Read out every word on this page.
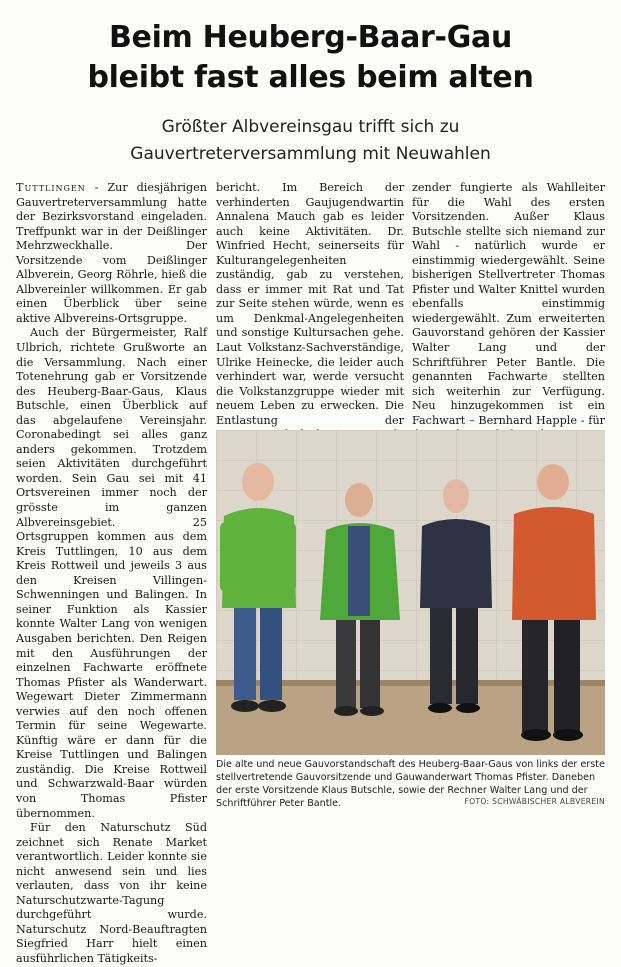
Beim Heuberg-Baar-Gau
bleibt fast alles beim alten
Größter Albvereinsgau trifft sich zu
Gauvertreterversammlung mit Neuwahlen

Tuttlingen - Zur diesjährigen Gauvertreterversammlung hatte der Bezirksvorstand eingeladen. Treffpunkt war in der Deißlinger Mehrzweckhalle. Der Vorsitzende vom Deißlinger Albverein, Georg Röhrle, hieß die Albvereinler willkommen. Er gab einen Überblick über seine aktive Albvereins-Ortsgruppe.

Auch der Bürgermeister, Ralf Ulbrich, richtete Grußworte an die Versammlung. Nach einer Totenehrung gab er Vorsitzende des Heuberg-Baar-Gaus, Klaus Butschle, einen Überblick auf das abgelaufene Vereinsjahr. Coronabedingt sei alles ganz anders gekommen. Trotzdem seien Aktivitäten durchgeführt worden. Sein Gau sei mit 41 Ortsvereinen immer noch der grösste im ganzen Albvereinsgebiet. 25 Ortsgruppen kommen aus dem Kreis Tuttlingen, 10 aus dem Kreis Rottweil und jeweils 3 aus den Kreisen Villingen-Schwenningen und Balingen. In seiner Funktion als Kassier konnte Walter Lang von wenigen Ausgaben berichten. Den Reigen mit den Ausführungen der einzelnen Fachwarte eröffnete Thomas Pfister als Wanderwart. Wegewart Dieter Zimmermann verwies auf den noch offenen Termin für seine Wegewarte. Künftig wäre er dann für die Kreise Tuttlingen und Balingen zuständig. Die Kreise Rottweil und Schwarzwald-Baar würden von Thomas Pfister übernommen.

Für den Naturschutz Süd zeichnet sich Renate Market verantwortlich. Leider konnte sie nicht anwesend sein und lies verlauten, dass von ihr keine Naturschutzwarte-Tagung durchgeführt wurde. Naturschutz Nord-Beauftragten Siegfried Harr hielt einen ausführlichen Tätigkeits-

bericht. Im Bereich der verhinderten Gaujugendwartin Annalena Mauch gab es leider auch keine Aktivitäten. Dr. Winfried Hecht, seinerseits für Kulturangelegenheiten zuständig, gab zu verstehen, dass er immer mit Rat und Tat zur Seite stehen würde, wenn es um Denkmal-Angelegenheiten und sonstige Kultursachen gehe. Laut Volkstanz-Sachverständige, Ulrike Heinecke, die leider auch verhindert war, werde versucht die Volkstanzgruppe wieder mit neuem Leben zu erwecken. Die Entlastung der

zender fungierte als Wahlleiter für die Wahl des ersten Vorsitzenden. Außer Klaus Butschle stellte sich niemand zur Wahl - natürlich wurde er einstimmig wiedergewählt. Seine bisherigen Stellvertreter Thomas Pfister und Walter Knittel wurden ebenfalls einstimmig wiedergewählt. Zum erweiterten Gauvorstand gehören der Kassier Walter Lang und der Schriftführer Peter Bantle. Die genannten Fachwarte stellten sich weiterhin zur Verfügung. Neu hinzugekommen ist ein Fachwart – Bernhard Happle - für

Die alte und neue Gauvorstandschaft des Heuberg-Baar-Gaus von links der erste stellvertretende Gauvorsitzende und Gauwanderwart Thomas Pfister. Daneben der erste Vorsitzende Klaus Butschle, sowie der Rechner Walter Lang und der Schriftführer Peter Bantle.	FOTO: SCHWÄBISCHER ALBVEREIN
